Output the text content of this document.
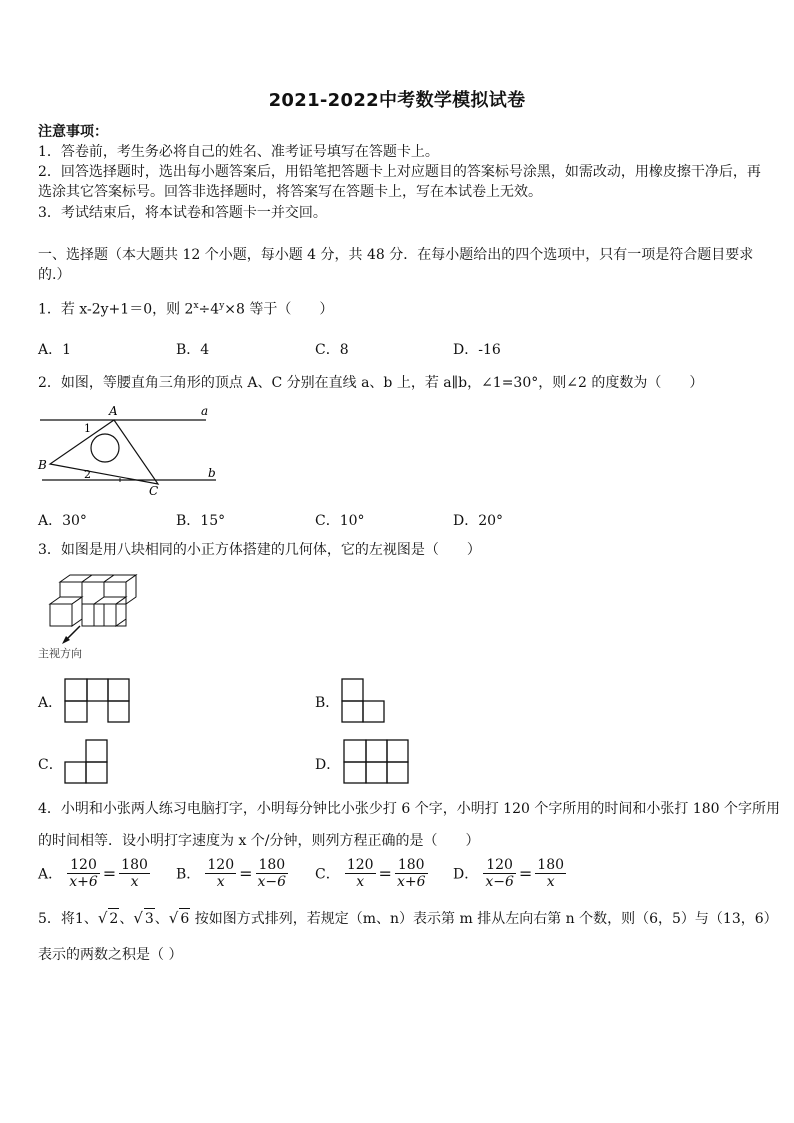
2021-2022中考数学模拟试卷
注意事项：
1．答卷前，考生务必将自己的姓名、准考证号填写在答题卡上。
2．回答选择题时，选出每小题答案后，用铅笔把答题卡上对应题目的答案标号涂黑，如需改动，用橡皮擦干净后，再
选涂其它答案标号。回答非选择题时，将答案写在答题卡上，写在本试卷上无效。
3．考试结束后，将本试卷和答题卡一并交回。
一、选择题（本大题共 12 个小题，每小题 4 分，共 48 分．在每小题给出的四个选项中，只有一项是符合题目要求
的.）
1．若 x-2y+1＝0，则 $2^x\div 4^y\times 8$ 等于（　　）
A．1	B．4	C．8	D．-16
2．如图，等腰直角三角形的顶点 A、C 分别在直线 a、b 上，若 a∥b，∠1=30°，则∠2 的度数为（　　）
A
B
C
a
b
1
2
A．30°	B．15°	C．10°	D．20°
3．如图是用八块相同的小正方体搭建的几何体，它的左视图是（　　）
主视方向
A．	B．
C．	D．
4．小明和小张两人练习电脑打字，小明每分钟比小张少打 6 个字，小明打 120 个字所用的时间和小张打 180 个字所用
的时间相等．设小明打字速度为 x 个/分钟，则列方程正确的是（　　）
A． $\frac{120}{x+6} = \frac{180}{x}$ B． $\frac{120}{x} = \frac{180}{x-6}$ C． $\frac{120}{x} = \frac{180}{x+6}$ D． $\frac{120}{x-6} = \frac{180}{x}$
5．将1、√ 2、√ 3、√ 6 按如图方式排列，若规定（m、n）表示第 m 排从左向右第 n 个数，则（6，5）与（13，6）
表示的两数之积是（ ）
